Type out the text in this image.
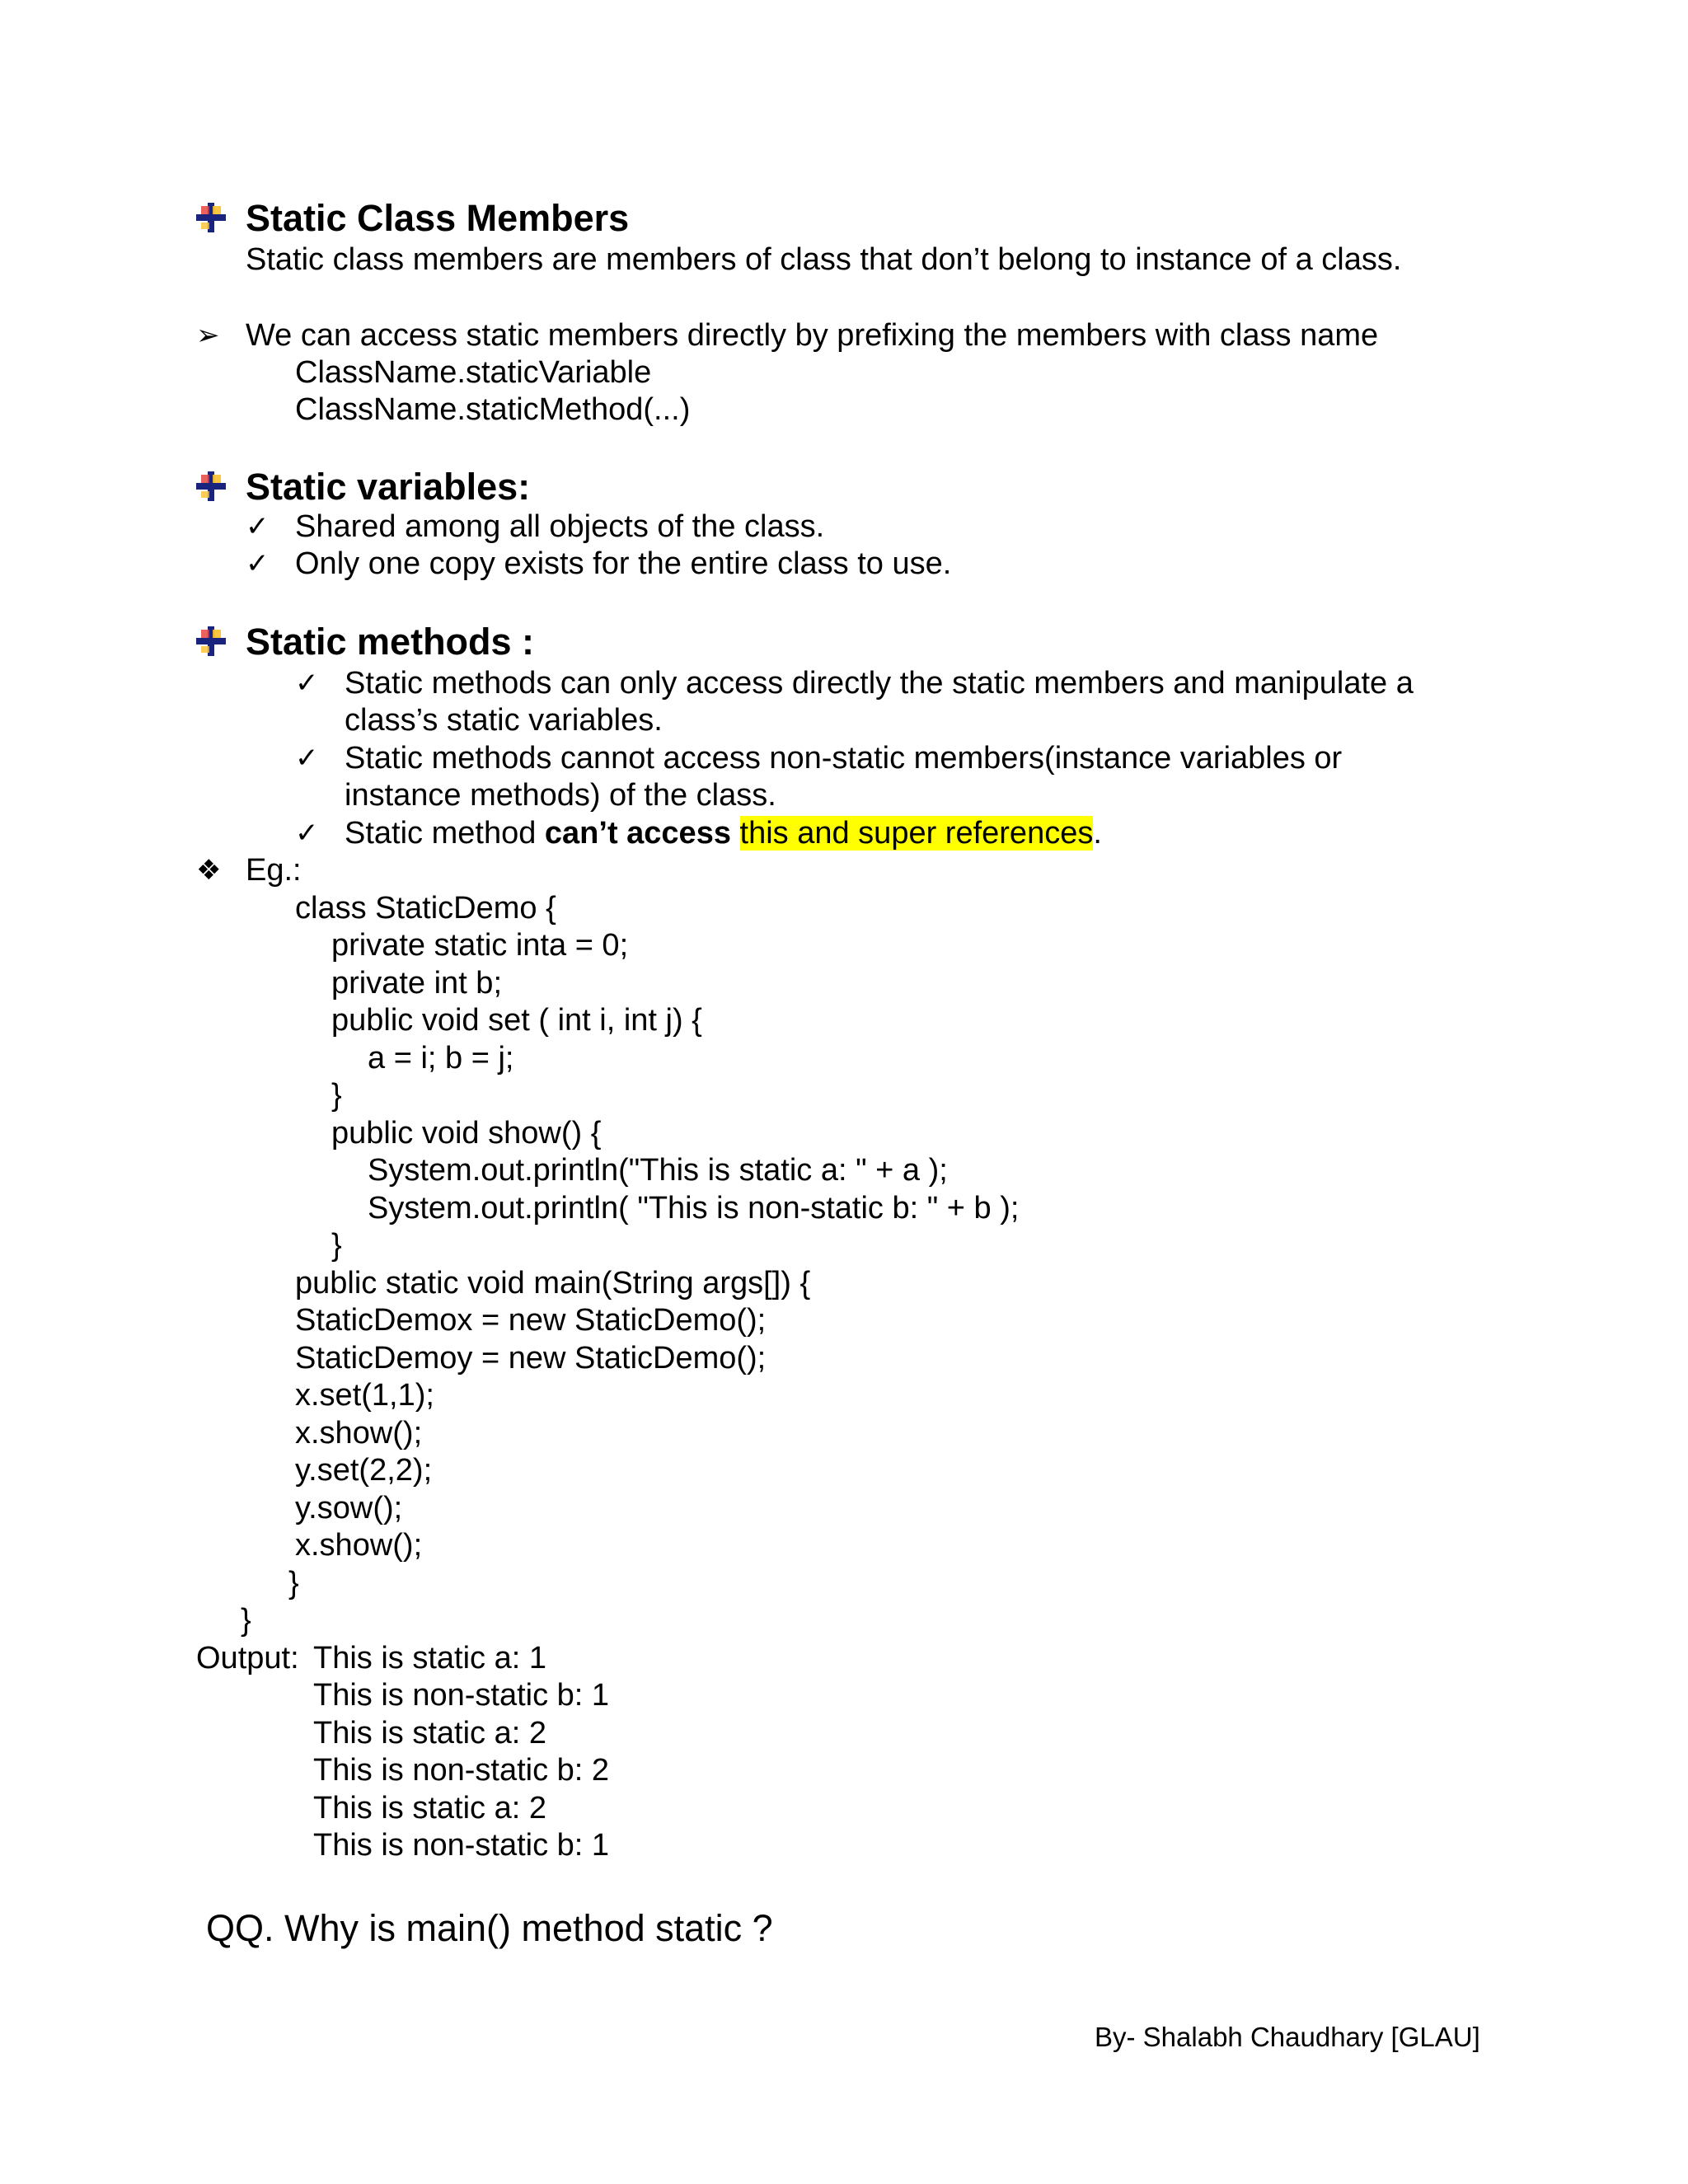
Static Class Members
Static class members are members of class that don’t belong to instance of a class.
➢ We can access static members directly by prefixing the members with class name
ClassName.staticVariable
ClassName.staticMethod(...)
Static variables:
✓ Shared among all objects of the class.
✓ Only one copy exists for the entire class to use.
Static methods :
✓ Static methods can only access directly the static members and manipulate a
class’s static variables.
✓ Static methods cannot access non-static members(instance variables or
instance methods) of the class.
✓ Static method can’t access this and super references.
❖ Eg.:
class StaticDemo {
private static inta = 0;
private int b;
public void set ( int i, int j) {
a = i; b = j;
}
public void show() {
System.out.println("This is static a: " + a );
System.out.println( "This is non-static b: " + b );
}
public static void main(String args[]) {
StaticDemox = new StaticDemo();
StaticDemoy = new StaticDemo();
x.set(1,1);
x.show();
y.set(2,2);
y.sow();
x.show();
}
}
Output: This is static a: 1
This is non-static b: 1
This is static a: 2
This is non-static b: 2
This is static a: 2
This is non-static b: 1
QQ. Why is main() method static ?
By- Shalabh Chaudhary [GLAU]
